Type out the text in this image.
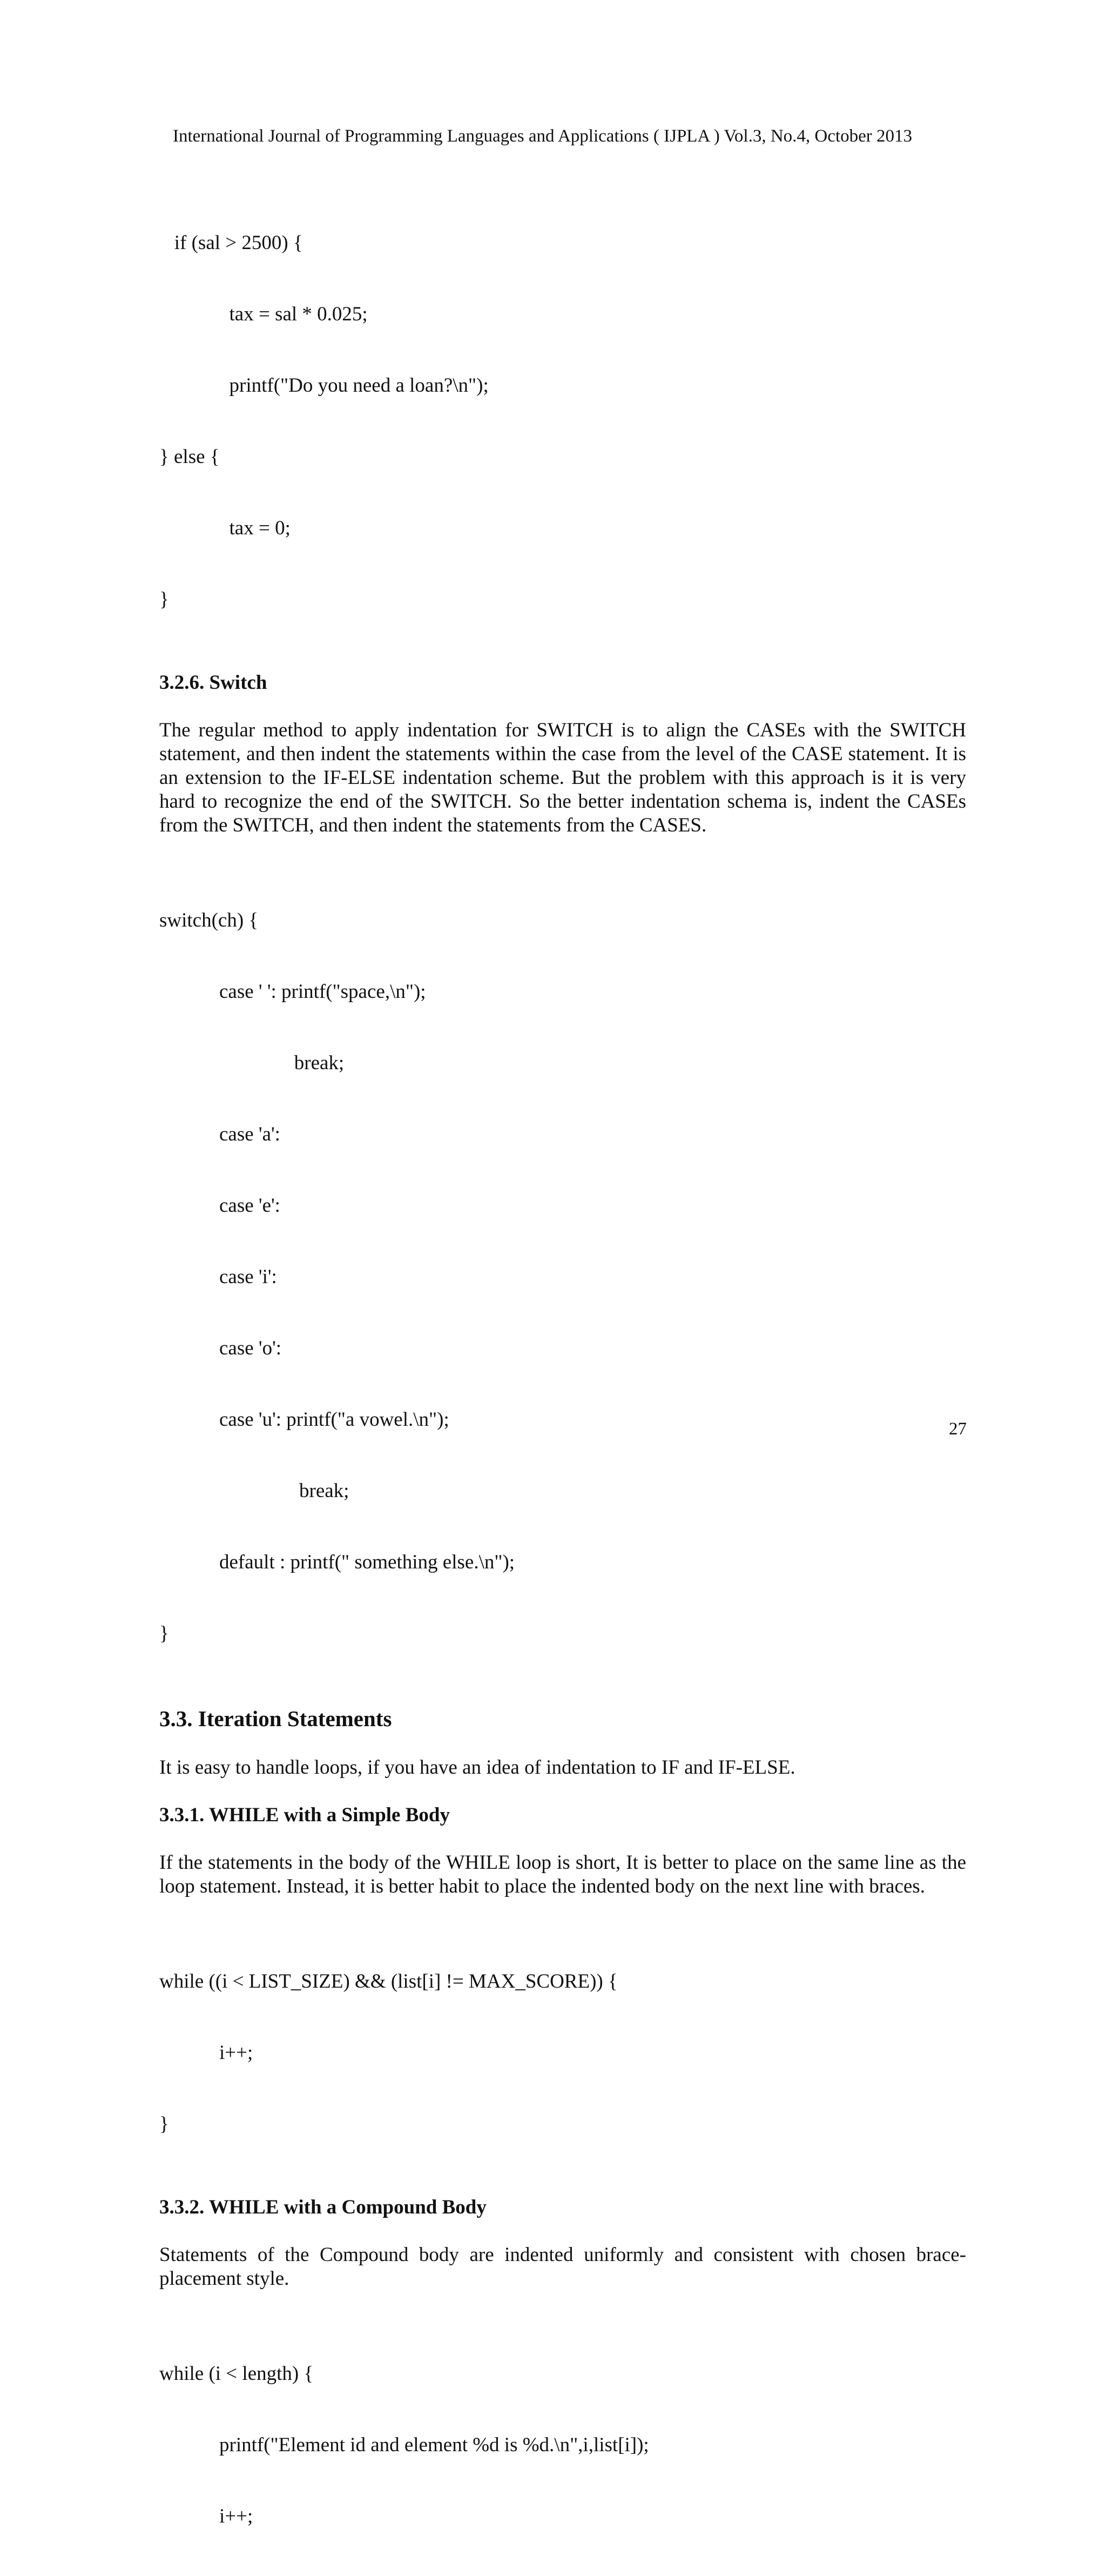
International Journal of Programming Languages and Applications ( IJPLA ) Vol.3, No.4, October 2013

if (sal > 2500) {

tax = sal * 0.025;

printf("Do you need a loan?\n");

} else {

tax = 0;

}

3.2.6. Switch

The regular method to apply indentation for SWITCH is to align the CASEs with the SWITCH statement, and then indent the statements within the case from the level of the CASE statement. It is an extension to the IF-ELSE indentation scheme. But the problem with this approach is it is very hard to recognize the end of the SWITCH. So the better indentation schema is, indent the CASEs from the SWITCH, and then indent the statements from the CASES.

switch(ch) {

case ' ': printf("space,\n");

break;

case 'a':

case 'e':

case 'i':

case 'o':

case 'u': printf("a vowel.\n");

break;

default : printf(" something else.\n");

}

3.3. Iteration Statements

It is easy to handle loops, if you have an idea of indentation to IF and IF-ELSE.

3.3.1. WHILE with a Simple Body

If the statements in the body of the WHILE loop is short, It is better to place on the same line as the loop statement. Instead, it is better habit to place the indented body on the next line with braces.

while ((i < LIST_SIZE) && (list[i] != MAX_SCORE)) {

i++;

}

3.3.2. WHILE with a Compound Body

Statements of the Compound body are indented uniformly and consistent with chosen brace-placement style.

while (i < length) {

printf("Element id and element %d is %d.\n",i,list[i]);

i++;

27
